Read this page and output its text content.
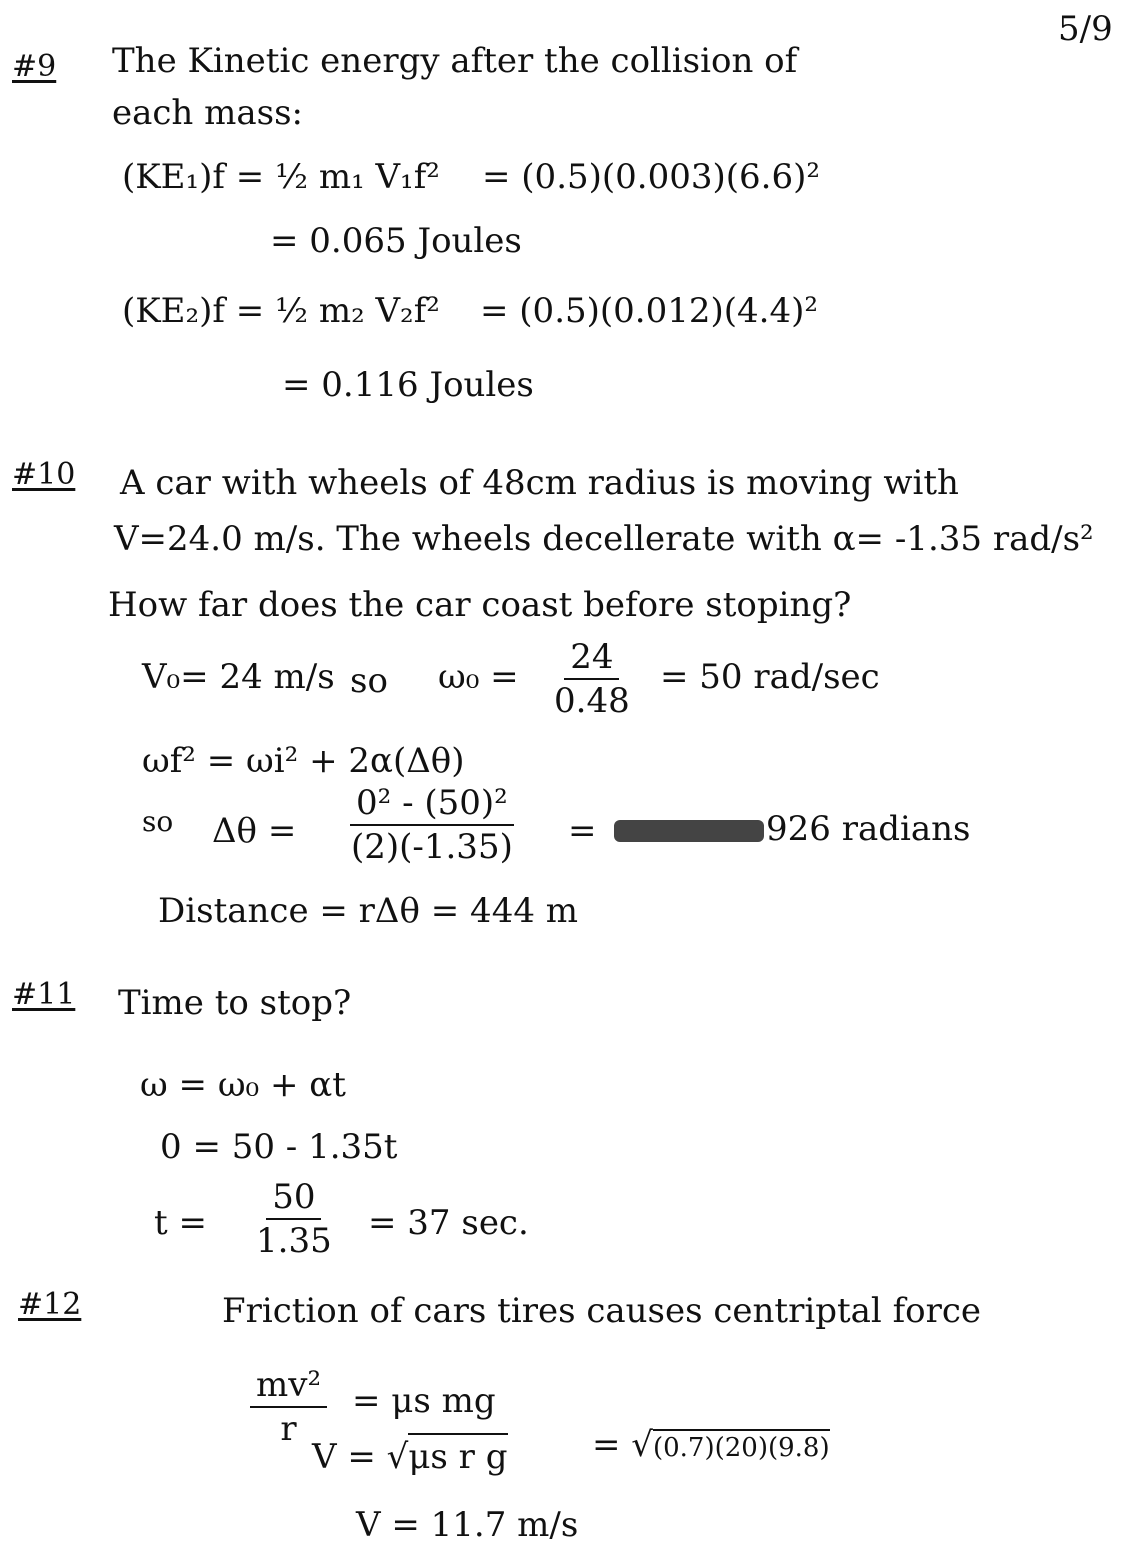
5/9
#9 The Kinetic energy after the collision of
each mass:
(KE₁)f = ½ m₁ V₁f² = (0.5)(0.003)(6.6)²
= 0.065 Joules
(KE₂)f = ½ m₂ V₂f² = (0.5)(0.012)(4.4)²
= 0.116 Joules
#10 A car with wheels of 48cm radius is moving with
V=24.0 m/s. The wheels decellerate with α= -1.35 rad/s²
How far does the car coast before stoping?
V₀= 24 m/s so $\omega_0 = \frac{24}{0.48} = 50$ rad/sec
ωf² = ωi² + 2α(Δθ)
so $\Delta\theta = \frac{\text{0² - (50)²}}{(2)(-1.35)}$ =	926 radians
Distance = rΔθ = 444 m
#11 Time to stop?
ω = ω₀ + αt
0 = 50 - 1.35t
$t = \frac{50}{1.35} = 37$ sec.
#12	Friction of cars tires causes centriptal force
$\frac{\text{mv²}}{r} = \mu s$ mg
V = √μs r g = √(0.7)(20)(9.8)
V = 11.7 m/s
